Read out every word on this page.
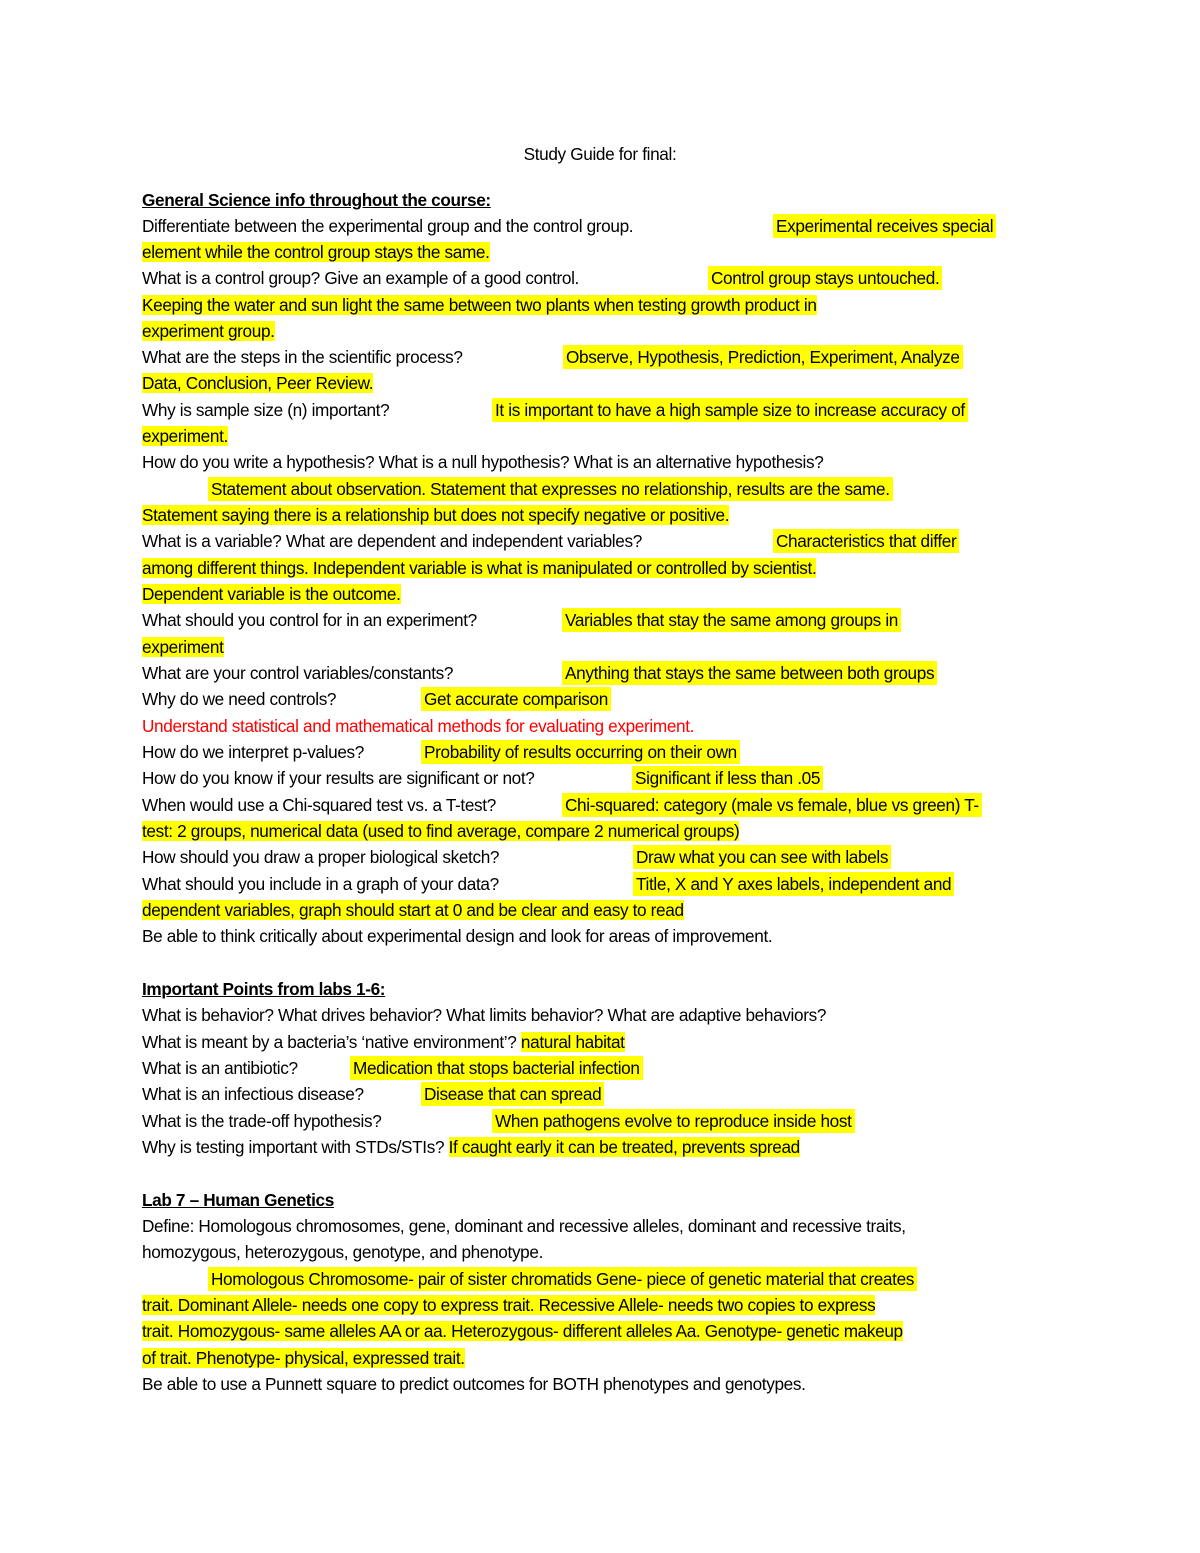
Study Guide for final:
General Science info throughout the course:
Differentiate between the experimental group and the control group.	Experimental receives special
element while the control group stays the same.
What is a control group? Give an example of a good control.	Control group stays untouched.
Keeping the water and sun light the same between two plants when testing growth product in
experiment group.
What are the steps in the scientific process?	Observe, Hypothesis, Prediction, Experiment, Analyze
Data, Conclusion, Peer Review.
Why is sample size (n) important?	It is important to have a high sample size to increase accuracy of
experiment.
How do you write a hypothesis? What is a null hypothesis? What is an alternative hypothesis?
Statement about observation. Statement that expresses no relationship, results are the same.
Statement saying there is a relationship but does not specify negative or positive.
What is a variable? What are dependent and independent variables?	Characteristics that differ
among different things. Independent variable is what is manipulated or controlled by scientist.
Dependent variable is the outcome.
What should you control for in an experiment?	Variables that stay the same among groups in
experiment
What are your control variables/constants?	Anything that stays the same between both groups
Why do we need controls?	Get accurate comparison
Understand statistical and mathematical methods for evaluating experiment.
How do we interpret p-values?	Probability of results occurring on their own
How do you know if your results are significant or not?	Significant if less than .05
When would use a Chi-squared test vs. a T-test?	Chi-squared: category (male vs female, blue vs green) T-
test: 2 groups, numerical data (used to find average, compare 2 numerical groups)
How should you draw a proper biological sketch?	Draw what you can see with labels
What should you include in a graph of your data?	Title, X and Y axes labels, independent and
dependent variables, graph should start at 0 and be clear and easy to read
Be able to think critically about experimental design and look for areas of improvement.
Important Points from labs 1-6:
What is behavior? What drives behavior? What limits behavior? What are adaptive behaviors?
What is meant by a bacteria’s ‘native environment’? natural habitat
What is an antibiotic?	Medication that stops bacterial infection
What is an infectious disease?	Disease that can spread
What is the trade-off hypothesis?	When pathogens evolve to reproduce inside host
Why is testing important with STDs/STIs? If caught early it can be treated, prevents spread
Lab 7 – Human Genetics
Define: Homologous chromosomes, gene, dominant and recessive alleles, dominant and recessive traits,
homozygous, heterozygous, genotype, and phenotype.
Homologous Chromosome- pair of sister chromatids Gene- piece of genetic material that creates
trait. Dominant Allele- needs one copy to express trait. Recessive Allele- needs two copies to express
trait. Homozygous- same alleles AA or aa. Heterozygous- different alleles Aa. Genotype- genetic makeup
of trait. Phenotype- physical, expressed trait.
Be able to use a Punnett square to predict outcomes for BOTH phenotypes and genotypes.
